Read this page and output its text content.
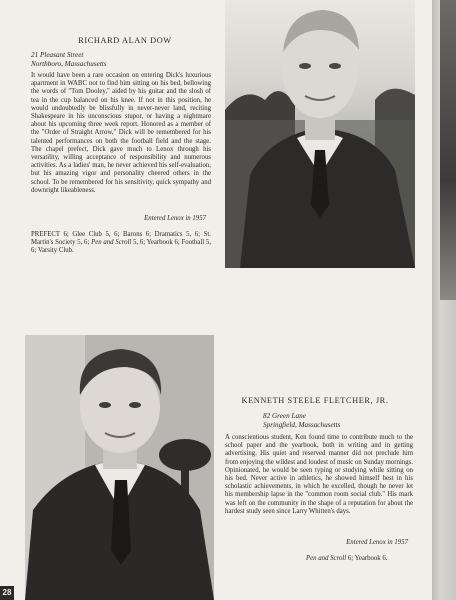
RICHARD ALAN DOW
21 Pleasant Street
Northboro, Massachusetts

It would have been a rare occasion on entering Dick's luxurious apartment in WABC not to find him sitting on his bed, bellowing the words of "Tom Dooley," aided by his guitar and the slosh of tea in the cup balanced on his knee. If not in this position, he would undoubtedly be blissfully in never-never land, reciting Shakespeare in his unconscious stupor, or having a nightmare about his upcoming three week report. Honored as a member of the "Order of Straight Arrow," Dick will be remembered for his talented performances on both the football field and the stage. The chapel prefect, Dick gave much to Lenox through his versatility, willing acceptance of responsibility and numerous activities. As a ladies' man, he never achieved his self-evaluation, but his amazing vigor and personality cheered others in the school. To be remembered for his sensitivity, quick sympathy and downright likeableness.

Entered Lenox in 1957

PREFECT 6; Glee Club 5, 6; Barons 6; Dramatics 5, 6; St. Martin's Society 5, 6; Pen and Scroll 5, 6; Yearbook 6; Football 5, 6; Varsity Club.

KENNETH STEELE FLETCHER, JR.
82 Green Lane
Springfield, Massachusetts

A conscientious student, Ken found time to contribute much to the school paper and the yearbook, both in writing and in getting advertising. His quiet and reserved manner did not preclude him from enjoying the wildest and loudest of music on Sunday mornings. Opinionated, he would be seen typing or studying while sitting on his bed. Never active in athletics, he showed himself best in his scholastic achievements, in which he excelled, though he never let his membership lapse in the "common room social club." His mark was left on the community in the shape of a reputation for about the hardest study seen since Larry Whitten's days.

Entered Lenox in 1957

Pen and Scroll 6; Yearbook 6.

28
